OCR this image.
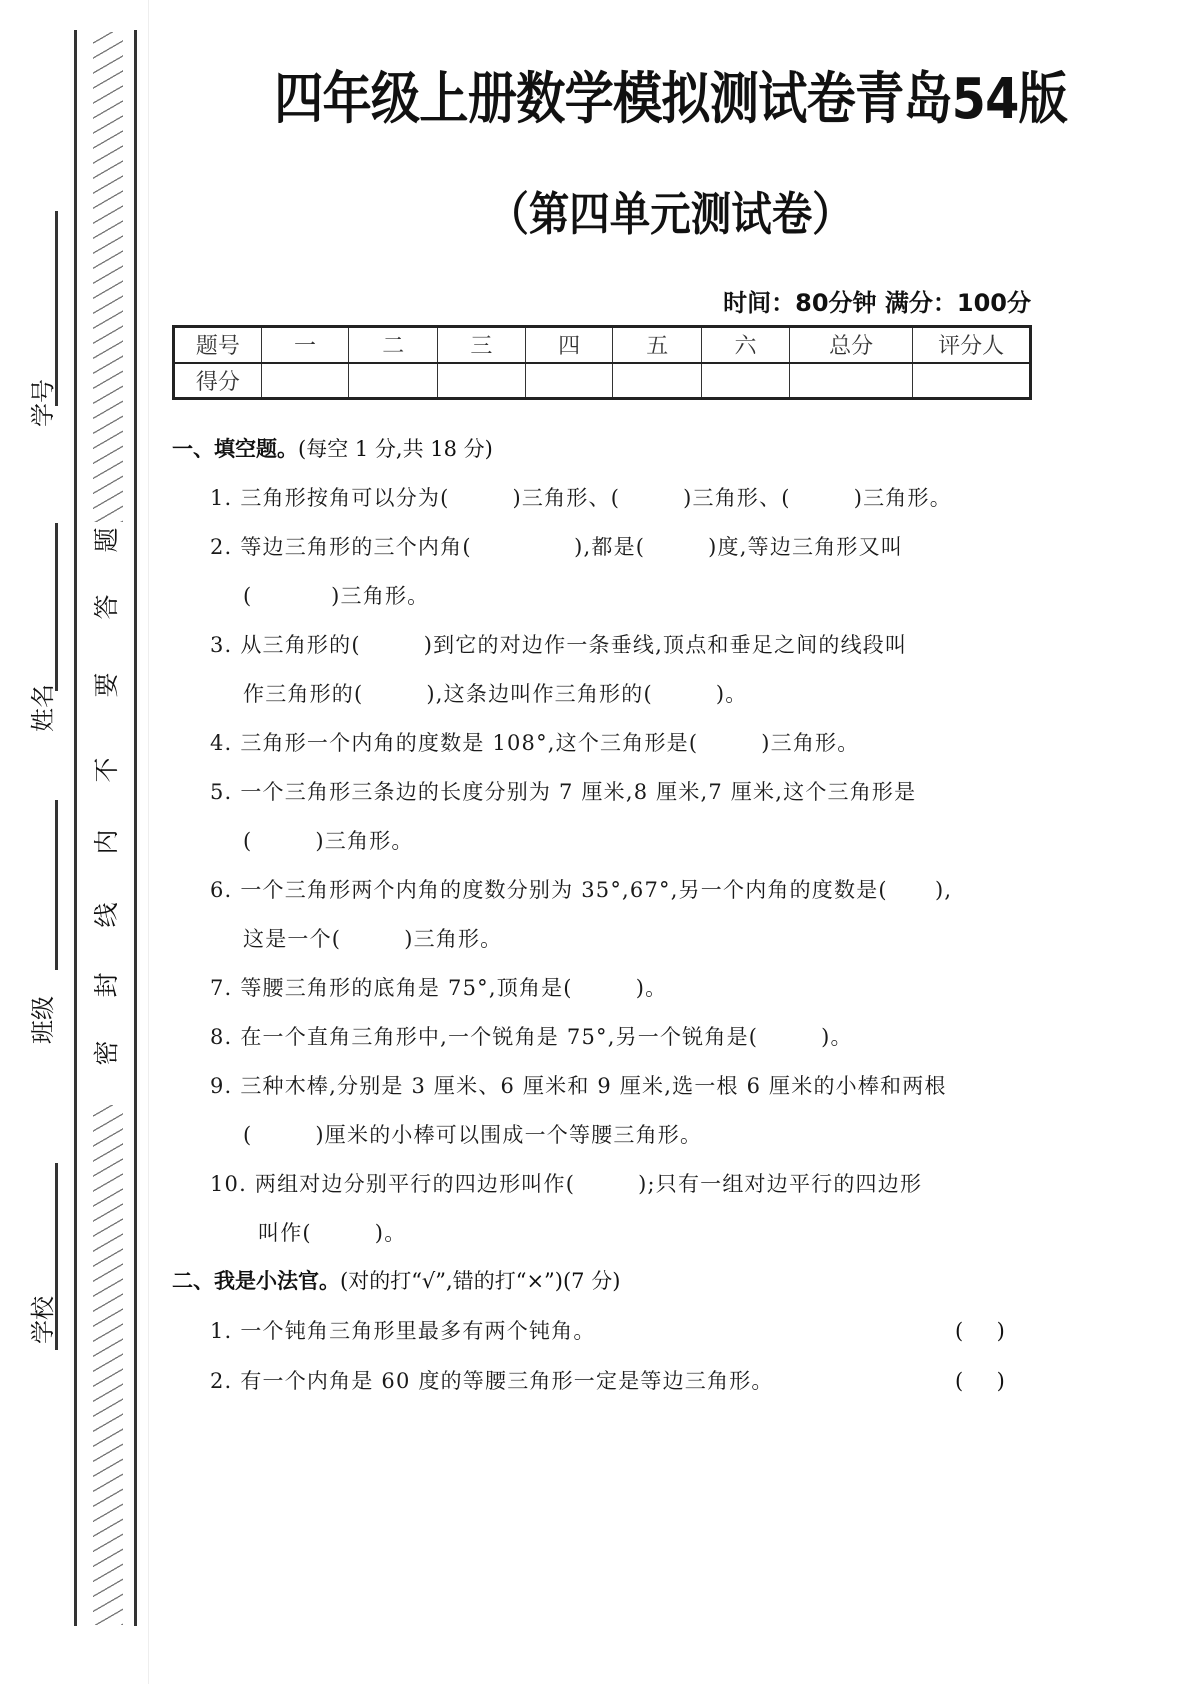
密
封
线
内
不
要
答
题
学号
姓名
班级
学校
四年级上册数学模拟测试卷青岛54版
（第四单元测试卷）
时间：80分钟 满分：100分
题号	一	二	三	四	五	六	总分	评分人
得分								
一、填空题。(每空 1 分,共 18 分)
1. 三角形按角可以分为(        )三角形、(        )三角形、(        )三角形。
2. 等边三角形的三个内角(             ),都是(        )度,等边三角形又叫
(          )三角形。
3. 从三角形的(        )到它的对边作一条垂线,顶点和垂足之间的线段叫
作三角形的(        ),这条边叫作三角形的(        )。
4. 三角形一个内角的度数是 108°,这个三角形是(        )三角形。
5. 一个三角形三条边的长度分别为 7 厘米,8 厘米,7 厘米,这个三角形是
(        )三角形。
6. 一个三角形两个内角的度数分别为 35°,67°,另一个内角的度数是(      ),
这是一个(        )三角形。
7. 等腰三角形的底角是 75°,顶角是(        )。
8. 在一个直角三角形中,一个锐角是 75°,另一个锐角是(        )。
9. 三种木棒,分别是 3 厘米、6 厘米和 9 厘米,选一根 6 厘米的小棒和两根
(        )厘米的小棒可以围成一个等腰三角形。
10. 两组对边分别平行的四边形叫作(        );只有一组对边平行的四边形
叫作(        )。
二、我是小法官。(对的打“√”,错的打“×”)(7 分)
1. 一个钝角三角形里最多有两个钝角。	(     )
2. 有一个内角是 60 度的等腰三角形一定是等边三角形。	(     )
